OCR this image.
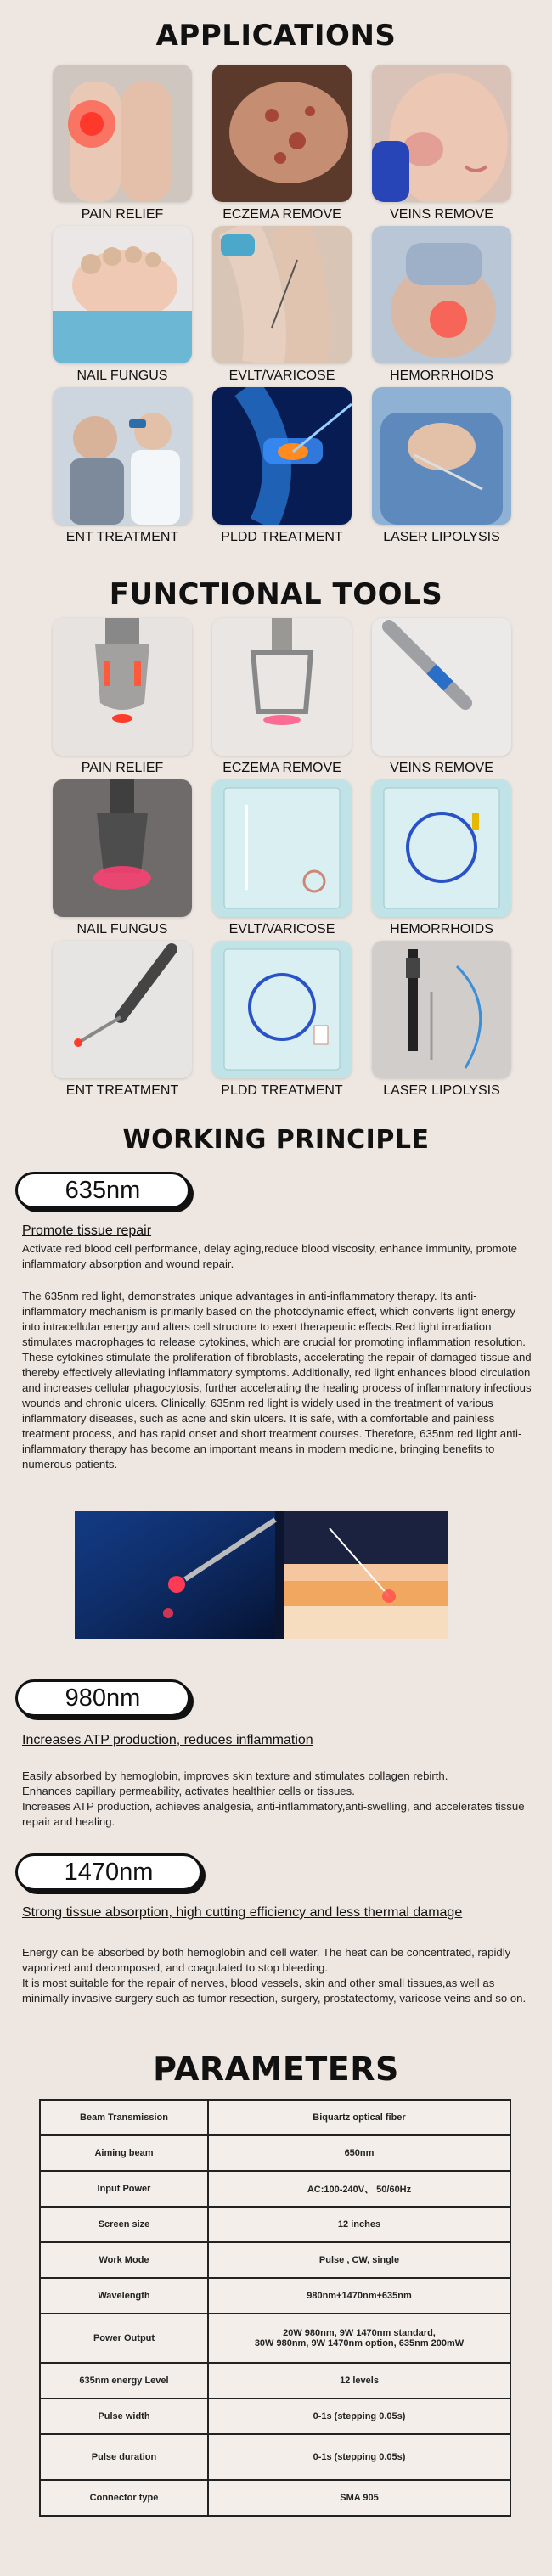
APPLICATIONS
PAIN RELIEF	ECZEMA REMOVE	VEINS REMOVE
NAIL FUNGUS	EVLT/VARICOSE	HEMORRHOIDS
ENT TREATMENT	PLDD TREATMENT	LASER LIPOLYSIS
FUNCTIONAL TOOLS
PAIN RELIEF	ECZEMA REMOVE	VEINS REMOVE
NAIL FUNGUS	EVLT/VARICOSE	HEMORRHOIDS
ENT TREATMENT	PLDD TREATMENT	LASER LIPOLYSIS
WORKING PRINCIPLE
635nm
Promote tissue repair

Activate red blood cell performance, delay aging,reduce blood viscosity, enhance immunity, promote inflammatory absorption and wound repair.

The 635nm red light, demonstrates unique advantages in anti-inflammatory therapy. Its anti-inflammatory mechanism is primarily based on the photodynamic effect, which converts light energy into intracellular energy and alters cell structure to exert therapeutic effects.Red light irradiation stimulates macrophages to release cytokines, which are crucial for promoting inflammation resolution. These cytokines stimulate the proliferation of fibroblasts, accelerating the repair of damaged tissue and thereby effectively alleviating inflammatory symptoms. Additionally, red light enhances blood circulation and increases cellular phagocytosis, further accelerating the healing process of inflammatory infectious wounds and chronic ulcers. Clinically, 635nm red light is widely used in the treatment of various inflammatory diseases, such as acne and skin ulcers. It is safe, with a comfortable and painless treatment process, and has rapid onset and short treatment courses. Therefore, 635nm red light anti-inflammatory therapy has become an important means in modern medicine, bringing benefits to numerous patients.

980nm
Increases ATP production, reduces inflammation

Easily absorbed by hemoglobin, improves skin texture and stimulates collagen rebirth.

Enhances capillary permeability, activates healthier cells or tissues.

Increases ATP production, achieves analgesia, anti-inflammatory,anti-swelling, and accelerates tissue repair and healing.

1470nm
Strong tissue absorption, high cutting efficiency and less thermal damage

Energy can be absorbed by both hemoglobin and cell water. The heat can be concentrated, rapidly vaporized and decomposed, and coagulated to stop bleeding.

It is most suitable for the repair of nerves, blood vessels, skin and other small tissues,as well as minimally invasive surgery such as tumor resection, surgery, prostatectomy, varicose veins and so on.

PARAMETERS
Beam Transmission	Biquartz optical fiber
Aiming beam	650nm
Input Power	AC:100-240V、 50/60Hz
Screen size	12 inches
Work Mode	Pulse , CW, single
Wavelength	980nm+1470nm+635nm
Power Output	20W 980nm, 9W 1470nm standard,
30W 980nm, 9W 1470nm option, 635nm 200mW

635nm energy Level	12 levels
Pulse width	0-1s (stepping 0.05s)
Pulse duration	0-1s (stepping 0.05s)
Connector type	SMA 905
